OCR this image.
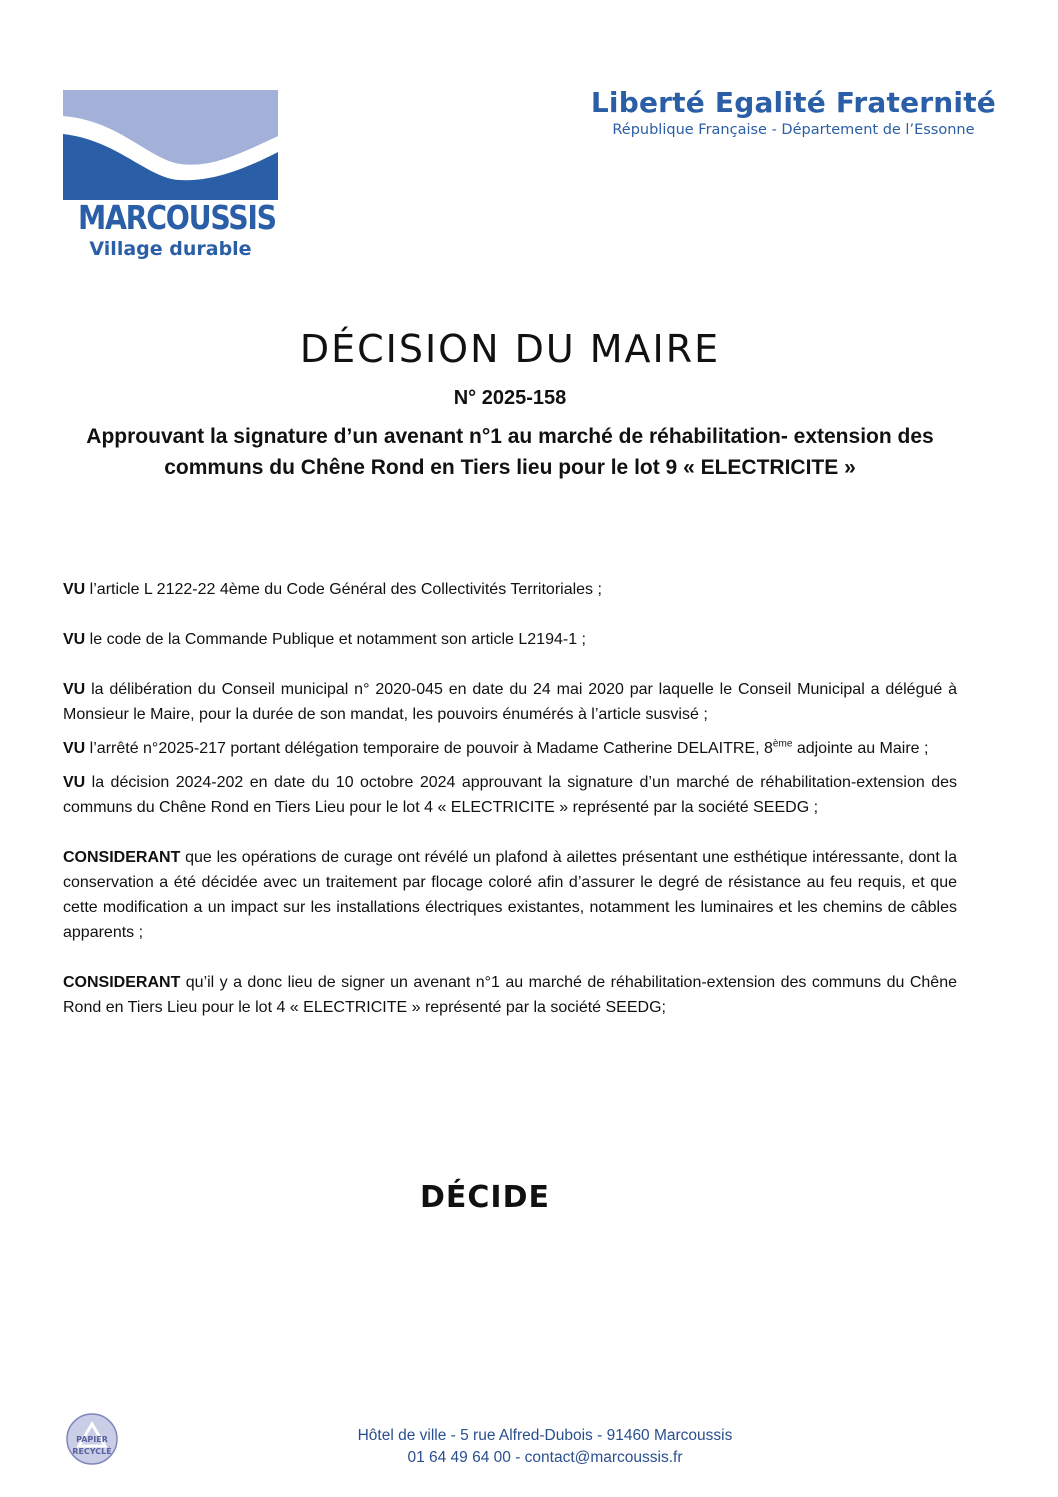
MARCOUSSIS
Village durable
Liberté Egalité Fraternité
République Française - Département de l’Essonne
DÉCISION DU MAIRE
N° 2025-158
Approuvant la signature d’un avenant n°1 au marché de réhabilitation- extension des communs du Chêne Rond en Tiers lieu pour le lot 9 « ELECTRICITE »

VU l’article L 2122-22 4ème du Code Général des Collectivités Territoriales ;

VU le code de la Commande Publique et notamment son article L2194-1 ;

VU la délibération du Conseil municipal n° 2020-045 en date du 24 mai 2020 par laquelle le Conseil Municipal a délégué à Monsieur le Maire, pour la durée de son mandat, les pouvoirs énumérés à l’article susvisé ;

VU l’arrêté n°2025-217 portant délégation temporaire de pouvoir à Madame Catherine DELAITRE, 8ème adjointe au Maire ;

VU la décision 2024-202 en date du 10 octobre 2024 approuvant la signature d’un marché de réhabilitation-extension des communs du Chêne Rond en Tiers Lieu pour le lot 4 « ELECTRICITE » représenté par la société SEEDG ;

CONSIDERANT que les opérations de curage ont révélé un plafond à ailettes présentant une esthétique intéressante, dont la conservation a été décidée avec un traitement par flocage coloré afin d’assurer le degré de résistance au feu requis, et que cette modification a un impact sur les installations électriques existantes, notamment les luminaires et les chemins de câbles apparents ;

CONSIDERANT qu’il y a donc lieu de signer un avenant n°1 au marché de réhabilitation-extension des communs du Chêne Rond en Tiers Lieu pour le lot 4 « ELECTRICITE » représenté par la société SEEDG;

DÉCIDE
PAPIER
RECYCLÉ
Hôtel de ville - 5 rue Alfred-Dubois - 91460 Marcoussis
01 64 49 64 00 - contact@marcoussis.fr
